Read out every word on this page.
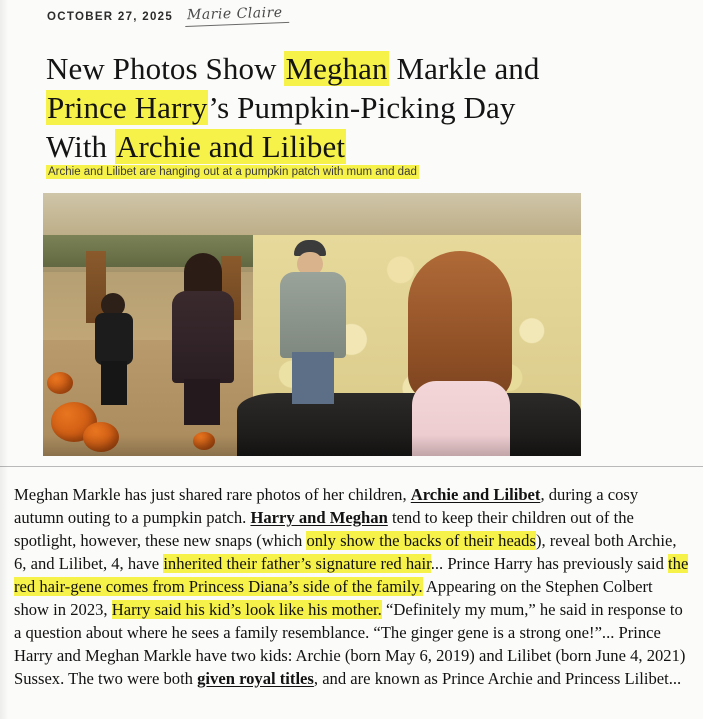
OCTOBER 27, 2025 Marie Claire
New Photos Show Meghan Markle and
Prince Harry’s Pumpkin-Picking Day
With Archie and Lilibet

Archie and Lilibet are hanging out at a pumpkin patch with mum and dad

Meghan Markle has just shared rare photos of her children, Archie and Lilibet, during a cosy autumn outing to a pumpkin patch. Harry and Meghan tend to keep their children out of the spotlight, however, these new snaps (which only show the backs of their heads), reveal both Archie, 6, and Lilibet, 4, have inherited their father’s signature red hair... Prince Harry has previously said the red hair-gene comes from Princess Diana’s side of the family. Appearing on the Stephen Colbert show in 2023, Harry said his kid’s look like his mother. “Definitely my mum,” he said in response to a question about where he sees a family resemblance. “The ginger gene is a strong one!”... Prince Harry and Meghan Markle have two kids: Archie (born May 6, 2019) and Lilibet (born June 4, 2021) Sussex. The two were both given royal titles, and are known as Prince Archie and Princess Lilibet...
